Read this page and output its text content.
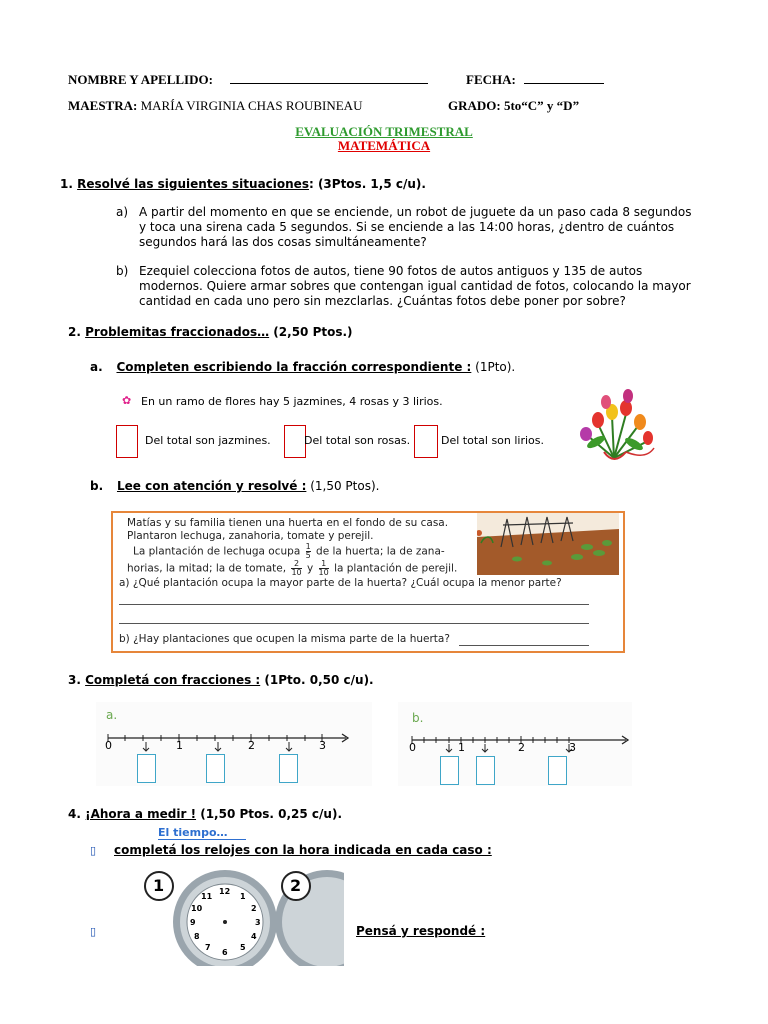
NOMBRE Y APELLIDO:	FECHA:
MAESTRA: MARÍA VIRGINIA CHAS ROUBINEAU	GRADO: 5to“C” y “D”
EVALUACIÓN TRIMESTRAL
MATEMÁTICA
1. Resolvé las siguientes situaciones: (3Ptos. 1,5 c/u).
a) A partir del momento en que se enciende, un robot de juguete da un paso cada 8 segundos
y toca una sirena cada 5 segundos. Si se enciende a las 14:00 horas, ¿dentro de cuántos
segundos hará las dos cosas simultáneamente?
b) Ezequiel colecciona fotos de autos, tiene 90 fotos de autos antiguos y 135 de autos
modernos. Quiere armar sobres que contengan igual cantidad de fotos, colocando la mayor
cantidad en cada uno pero sin mezclarlas. ¿Cuántas fotos debe poner por sobre?
2. Problemitas fraccionados… (2,50 Ptos.)
a. Completen escribiendo la fracción correspondiente : (1Pto).
✿ En un ramo de flores hay 5 jazmines, 4 rosas y 3 lirios.
Del total son jazmines.	Del total son rosas.	Del total son lirios.
b. Lee con atención y resolvé : (1,50 Ptos).
Matías y su familia tienen una huerta en el fondo de su casa.
Plantaron lechuga, zanahoria, tomate y perejil.
La plantación de lechuga ocupa $\frac{1}{5}$ de la huerta; la de zana-
horias, la mitad; la de tomate, $\frac{2}{10}$ y $\frac{1}{10}$ la plantación de perejil.
a) ¿Qué plantación ocupa la mayor parte de la huerta? ¿Cuál ocupa la menor parte?
b) ¿Hay plantaciones que ocupen la misma parte de la huerta?
3. Completá con fracciones : (1Pto. 0,50 c/u).
a.
0	1	2	3
b.
0	1	2	3
4. ¡Ahora a medir ! (1,50 Ptos. 0,25 c/u).
El tiempo…
▯ completá los relojes con la hora indicada en cada caso :
▯	Pensá y respondé :
1	2
12
1
2
3
4
5
6
7
8
9
10
11
